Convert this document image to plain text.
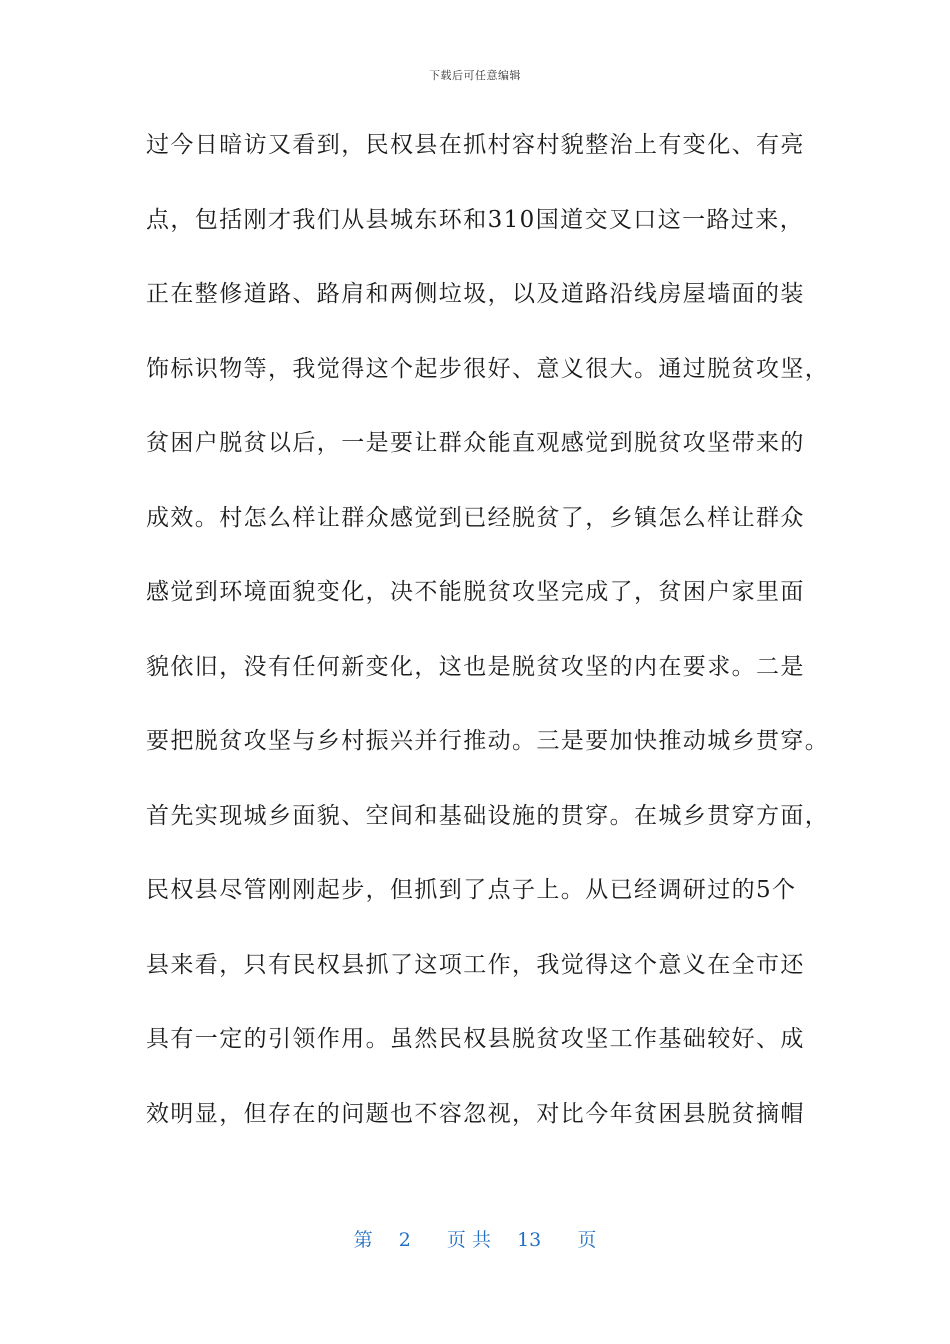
下载后可任意编辑
过今日暗访又看到，民权县在抓村容村貌整治上有变化、有亮
点，包括刚才我们从县城东环和310国道交叉口这一路过来，
正在整修道路、路肩和两侧垃圾，以及道路沿线房屋墙面的装
饰标识物等，我觉得这个起步很好、意义很大。通过脱贫攻坚，
贫困户脱贫以后，一是要让群众能直观感觉到脱贫攻坚带来的
成效。村怎么样让群众感觉到已经脱贫了，乡镇怎么样让群众
感觉到环境面貌变化，决不能脱贫攻坚完成了，贫困户家里面
貌依旧，没有任何新变化，这也是脱贫攻坚的内在要求。二是
要把脱贫攻坚与乡村振兴并行推动。三是要加快推动城乡贯穿。
首先实现城乡面貌、空间和基础设施的贯穿。在城乡贯穿方面，
民权县尽管刚刚起步，但抓到了点子上。从已经调研过的5个
县来看，只有民权县抓了这项工作，我觉得这个意义在全市还
具有一定的引领作用。虽然民权县脱贫攻坚工作基础较好、成
效明显，但存在的问题也不容忽视，对比今年贫困县脱贫摘帽
第 2 页 共 13 页
